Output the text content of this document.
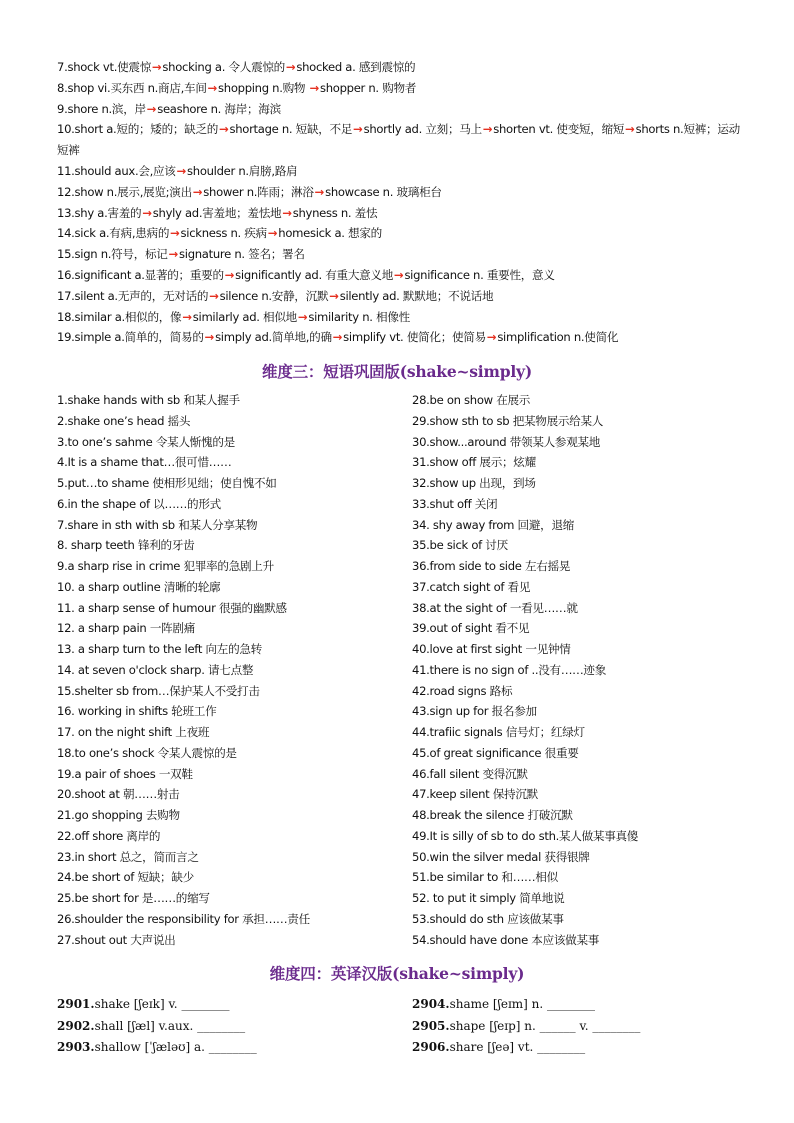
7.shock vt.使震惊→shocking a. 令人震惊的→shocked a. 感到震惊的
8.shop vi.买东西 n.商店,车间→shopping n.购物 →shopper n. 购物者
9.shore n.滨，岸→seashore n. 海岸；海滨
10.short a.短的；矮的；缺乏的→shortage n. 短缺，不足→shortly ad. 立刻；马上→shorten vt. 使变短，缩短→shorts n.短裤；运动短裤
11.should aux.会,应该→shoulder n.肩膀,路肩
12.show n.展示,展览;演出→shower n.阵雨；淋浴→showcase n. 玻璃柜台
13.shy a.害羞的→shyly ad.害羞地；羞怯地→shyness n. 羞怯
14.sick a.有病,患病的→sickness n. 疾病→homesick a. 想家的
15.sign n.符号，标记→signature n. 签名；署名
16.significant a.显著的；重要的→significantly ad. 有重大意义地→significance n. 重要性，意义
17.silent a.无声的，无对话的→silence n.安静，沉默→silently ad. 默默地；不说话地
18.similar a.相似的，像→similarly ad. 相似地→similarity n. 相像性
19.simple a.简单的，简易的→simply ad.简单地,的确→simplify vt. 使简化；使简易→simplification n.使简化
维度三：短语巩固版(shake~simply)
1.shake hands with sb 和某人握手
2.shake one’s head 摇头
3.to one’s sahme 令某人惭愧的是
4.It is a shame that…很可惜……
5.put…to shame 使相形见绌；使自愧不如
6.in the shape of 以……的形式
7.share in sth with sb 和某人分享某物
8. sharp teeth 锋利的牙齿
9.a sharp rise in crime 犯罪率的急剧上升
10. a sharp outline 清晰的轮廓
11. a sharp sense of humour 很强的幽默感
12. a sharp pain 一阵剧痛
13. a sharp turn to the left 向左的急转
14. at seven o'clock sharp. 请七点整
15.shelter sb from…保护某人不受打击
16. working in shifts 轮班工作
17. on the night shift 上夜班
18.to one’s shock 令某人震惊的是
19.a pair of shoes 一双鞋
20.shoot at 朝……射击
21.go shopping 去购物
22.off shore 离岸的
23.in short 总之，简而言之
24.be short of 短缺；缺少
25.be short for 是……的缩写
26.shoulder the responsibility for 承担……责任
27.shout out 大声说出
28.be on show 在展示
29.show sth to sb 把某物展示给某人
30.show...around 带领某人参观某地
31.show off 展示；炫耀
32.show up 出现，到场
33.shut off 关闭
34. shy away from 回避，退缩
35.be sick of 讨厌
36.from side to side 左右摇晃
37.catch sight of 看见
38.at the sight of 一看见……就
39.out of sight 看不见
40.love at first sight 一见钟情
41.there is no sign of ..没有……迹象
42.road signs 路标
43.sign up for 报名参加
44.trafiic signals 信号灯；红绿灯
45.of great significance 很重要
46.fall silent 变得沉默
47.keep silent 保持沉默
48.break the silence 打破沉默
49.It is silly of sb to do sth.某人做某事真傻
50.win the silver medal 获得银牌
51.be similar to 和……相似
52. to put it simply 简单地说
53.should do sth 应该做某事
54.should have done 本应该做某事
维度四：英译汉版(shake~simply)
2901.shake [ʃeɪk] v. ________
2902.shall [ʃæl] v.aux. ________
2903.shallow [ˈʃæləʊ] a. ________
2904.shame [ʃeɪm] n. ________
2905.shape [ʃeɪp] n. ______ v. ________
2906.share [ʃeə] vt. ________
